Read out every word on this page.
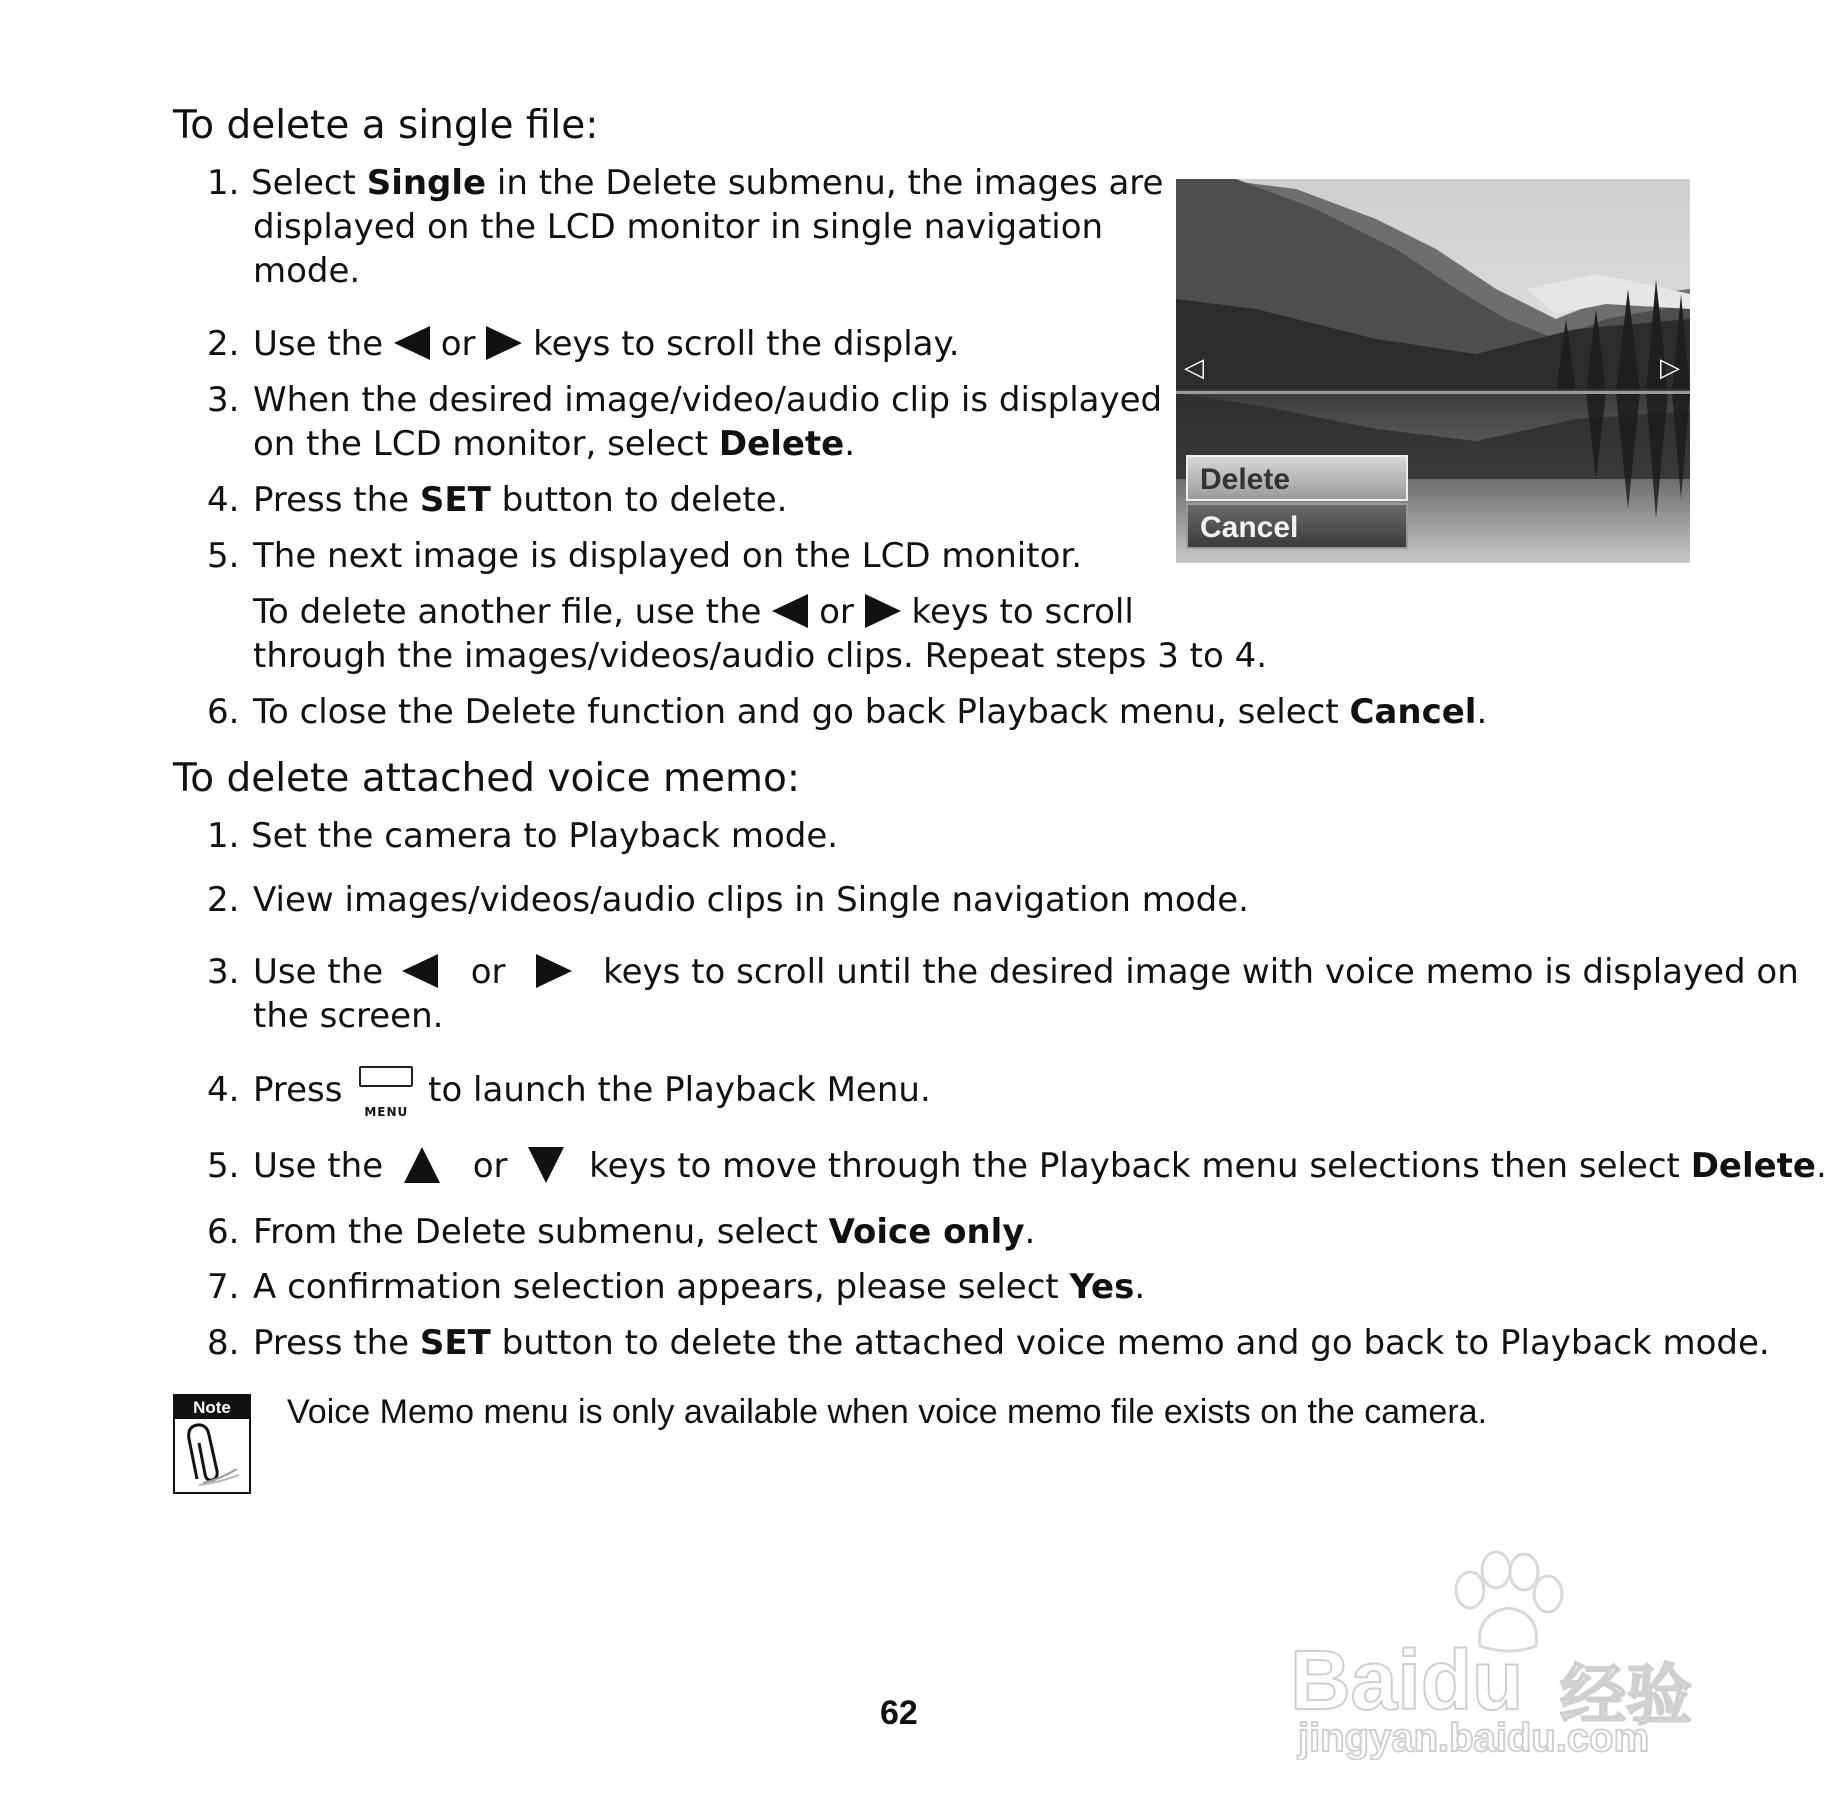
To delete a single file:
1. Select Single in the Delete submenu, the images are
displayed on the LCD monitor in single navigation
mode.
2. Use the or keys to scroll the display.
3. When the desired image/video/audio clip is displayed
on the LCD monitor, select Delete.
4. Press the SET button to delete.
5. The next image is displayed on the LCD monitor.
To delete another file, use the or keys to scroll
through the images/videos/audio clips. Repeat steps 3 to 4.
6. To close the Delete function and go back Playback menu, select Cancel.
◁	▷
Delete
Cancel
To delete attached voice memo:
1. Set the camera to Playback mode.
2. View images/videos/audio clips in Single navigation mode.
3. Use the	or	keys to scroll until the desired image with voice memo is displayed on
the screen.
4. Press
MENU
to launch the Playback Menu.
5. Use the	or keys to move through the Playback menu selections then select Delete.
6. From the Delete submenu, select Voice only.
7. A confirmation selection appears, please select Yes.
8. Press the SET button to delete the attached voice memo and go back to Playback mode.
Note	Voice Memo menu is only available when voice memo file exists on the camera.
62	Baidu 经验
jingyan.baidu.com
